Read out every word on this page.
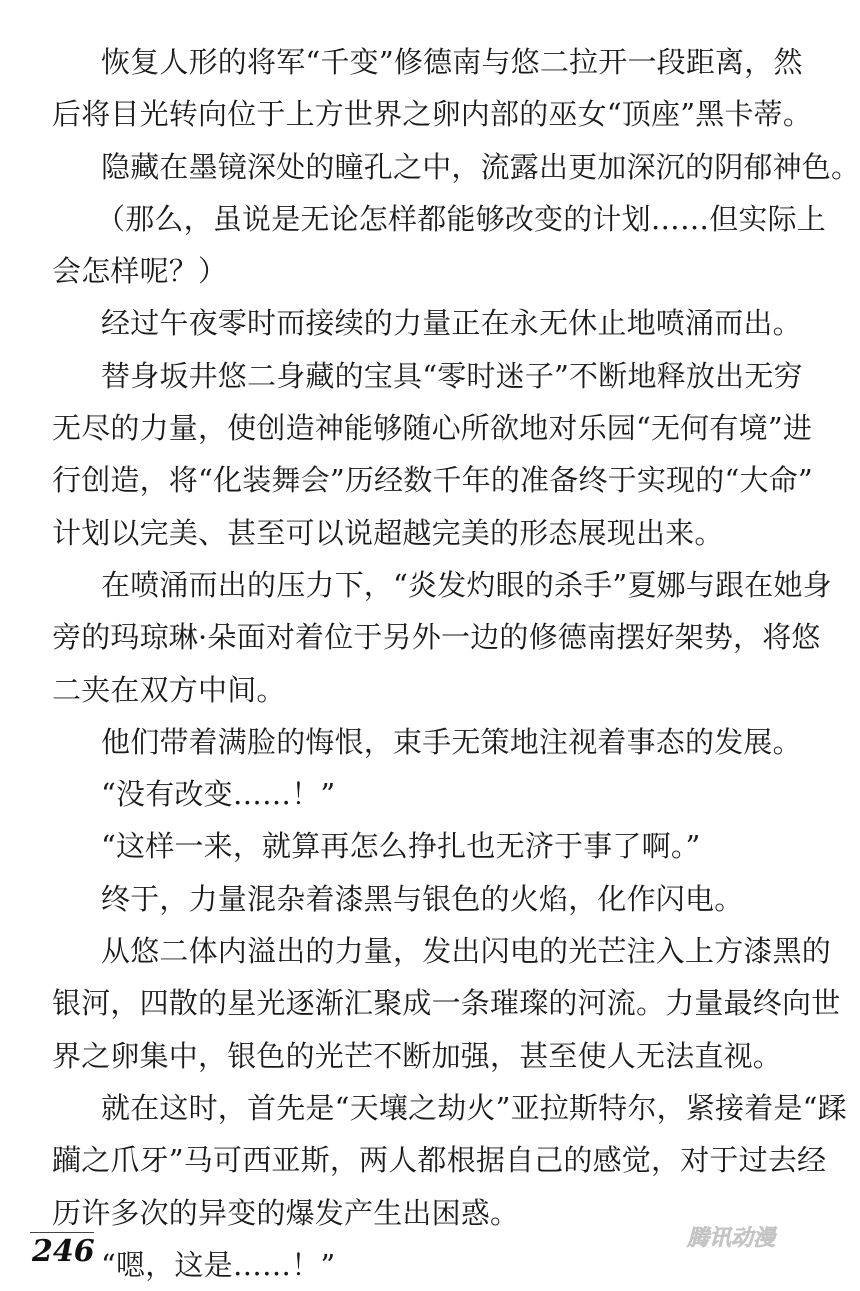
恢复人形的将军“千变”修德南与悠二拉开一段距离，然
后将目光转向位于上方世界之卵内部的巫女“顶座”黑卡蒂。
隐藏在墨镜深处的瞳孔之中，流露出更加深沉的阴郁神色。
（那么，虽说是无论怎样都能够改变的计划……但实际上
会怎样呢？）
经过午夜零时而接续的力量正在永无休止地喷涌而出。
替身坂井悠二身藏的宝具“零时迷子”不断地释放出无穷
无尽的力量，使创造神能够随心所欲地对乐园“无何有境”进
行创造，将“化装舞会”历经数千年的准备终于实现的“大命”
计划以完美、甚至可以说超越完美的形态展现出来。
在喷涌而出的压力下，“炎发灼眼的杀手”夏娜与跟在她身
旁的玛琼琳·朵面对着位于另外一边的修德南摆好架势，将悠
二夹在双方中间。
他们带着满脸的悔恨，束手无策地注视着事态的发展。
“没有改变……！”
“这样一来，就算再怎么挣扎也无济于事了啊。”
终于，力量混杂着漆黑与银色的火焰，化作闪电。
从悠二体内溢出的力量，发出闪电的光芒注入上方漆黑的
银河，四散的星光逐渐汇聚成一条璀璨的河流。力量最终向世
界之卵集中，银色的光芒不断加强，甚至使人无法直视。
就在这时，首先是“天壤之劫火”亚拉斯特尔，紧接着是“蹂
躏之爪牙”马可西亚斯，两人都根据自己的感觉，对于过去经
历许多次的异变的爆发产生出困惑。
“嗯，这是……！”
246	腾讯动漫
